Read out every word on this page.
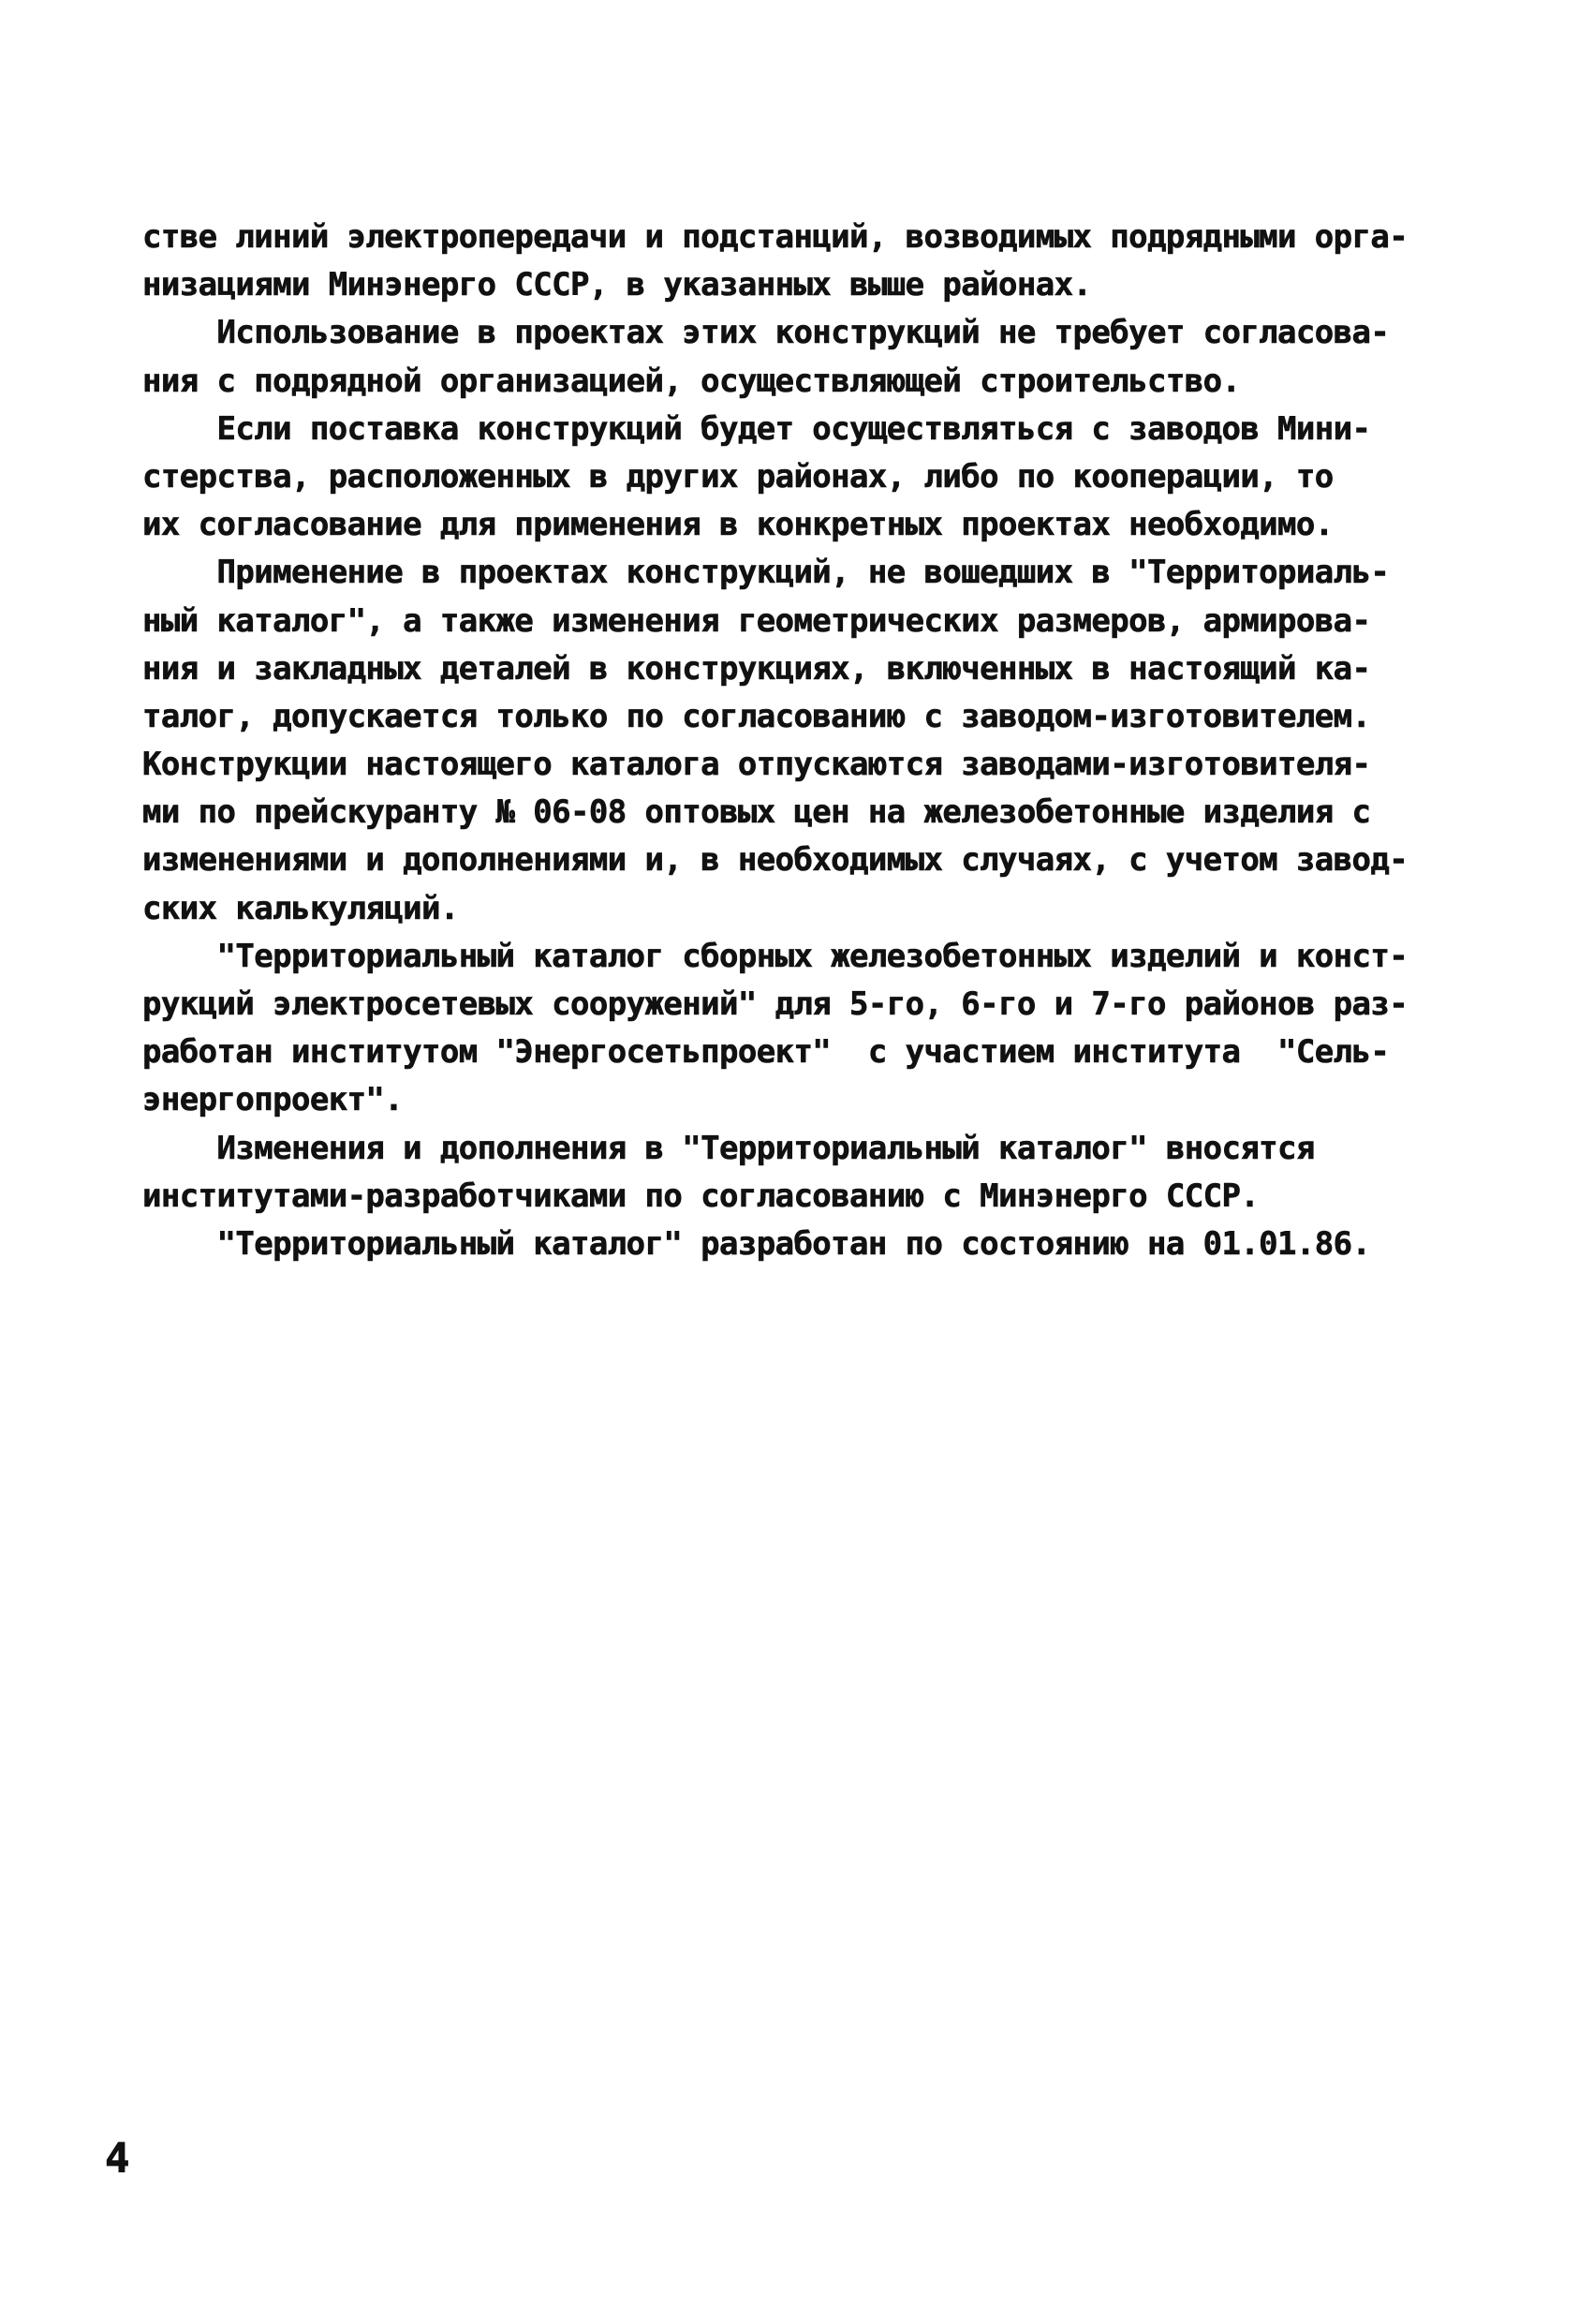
стве линий электропередачи и подстанций, возводимых подрядными орга-
низациями Минэнерго СССР, в указанных выше районах.
Использование в проектах этих конструкций не требует согласова-
ния с подрядной организацией, осуществляющей строительство.
Если поставка конструкций будет осуществляться с заводов Мини-
стерства, расположенных в других районах, либо по кооперации, то
их согласование для применения в конкретных проектах необходимо.
Применение в проектах конструкций, не вошедших в "Территориаль-
ный каталог", а также изменения геометрических размеров, армирова-
ния и закладных деталей в конструкциях, включенных в настоящий ка-
талог, допускается только по согласованию с заводом-изготовителем.
Конструкции настоящего каталога отпускаются заводами-изготовителя-
ми по прейскуранту № 06-08 оптовых цен на железобетонные изделия с
изменениями и дополнениями и, в необходимых случаях, с учетом завод-
ских калькуляций.
"Территориальный каталог сборных железобетонных изделий и конст-
рукций электросетевых сооружений" для 5-го, 6-го и 7-го районов раз-
работан институтом "Энергосетьпроект"  с участием института  "Сель-
энергопроект".
Изменения и дополнения в "Территориальный каталог" вносятся
институтами-разработчиками по согласованию с Минэнерго СССР.
"Территориальный каталог" разработан по состоянию на 01.01.86.
4
